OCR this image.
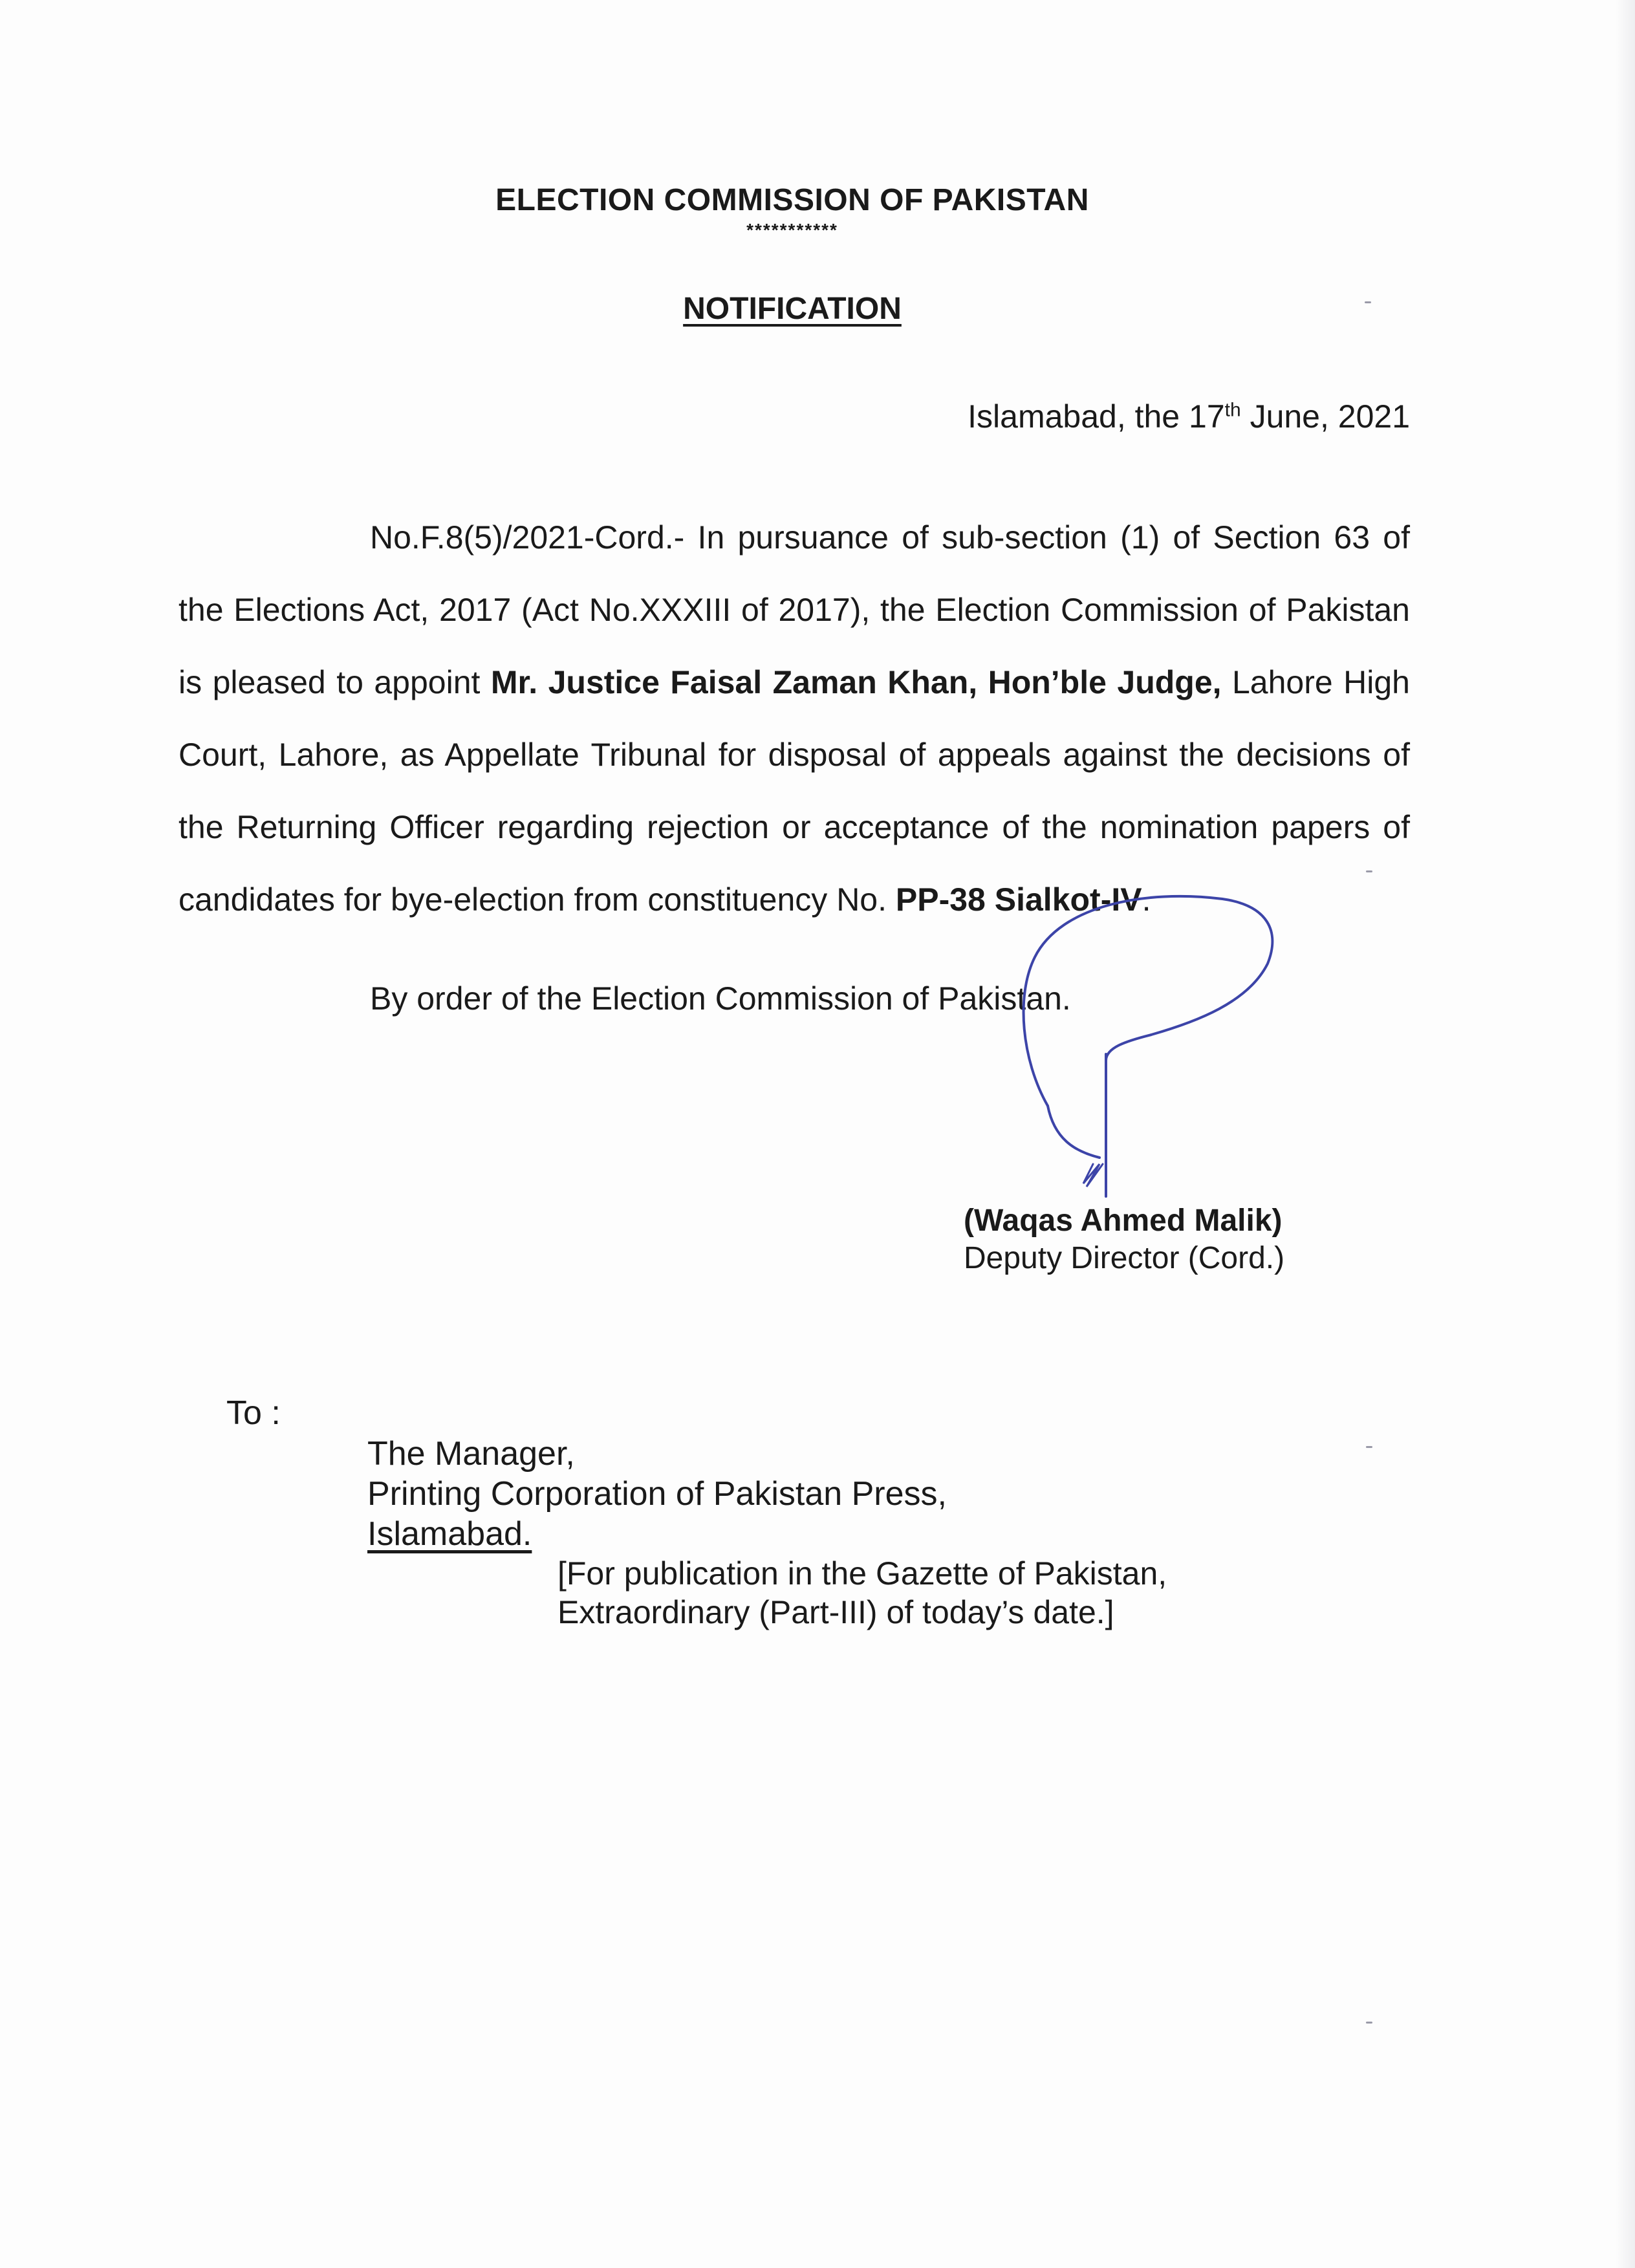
ELECTION COMMISSION OF PAKISTAN
***********
NOTIFICATION
Islamabad, the 17th June, 2021
No.F.8(5)/2021-Cord.- In pursuance of sub-section (1) of Section 63 of the Elections Act, 2017 (Act No.XXXIII of 2017), the Election Commission of Pakistan is pleased to appoint Mr. Justice Faisal Zaman Khan, Hon’ble Judge, Lahore High Court, Lahore, as Appellate Tribunal for disposal of appeals against the decisions of the Returning Officer regarding rejection or acceptance of the nomination papers of candidates for bye-election from constituency No. PP-38 Sialkot-IV.
By order of the Election Commission of Pakistan.
(Waqas Ahmed Malik)
Deputy Director (Cord.)
To :
The Manager,
Printing Corporation of Pakistan Press,
Islamabad.
[For publication in the Gazette of Pakistan,
Extraordinary (Part-III) of today’s date.]
